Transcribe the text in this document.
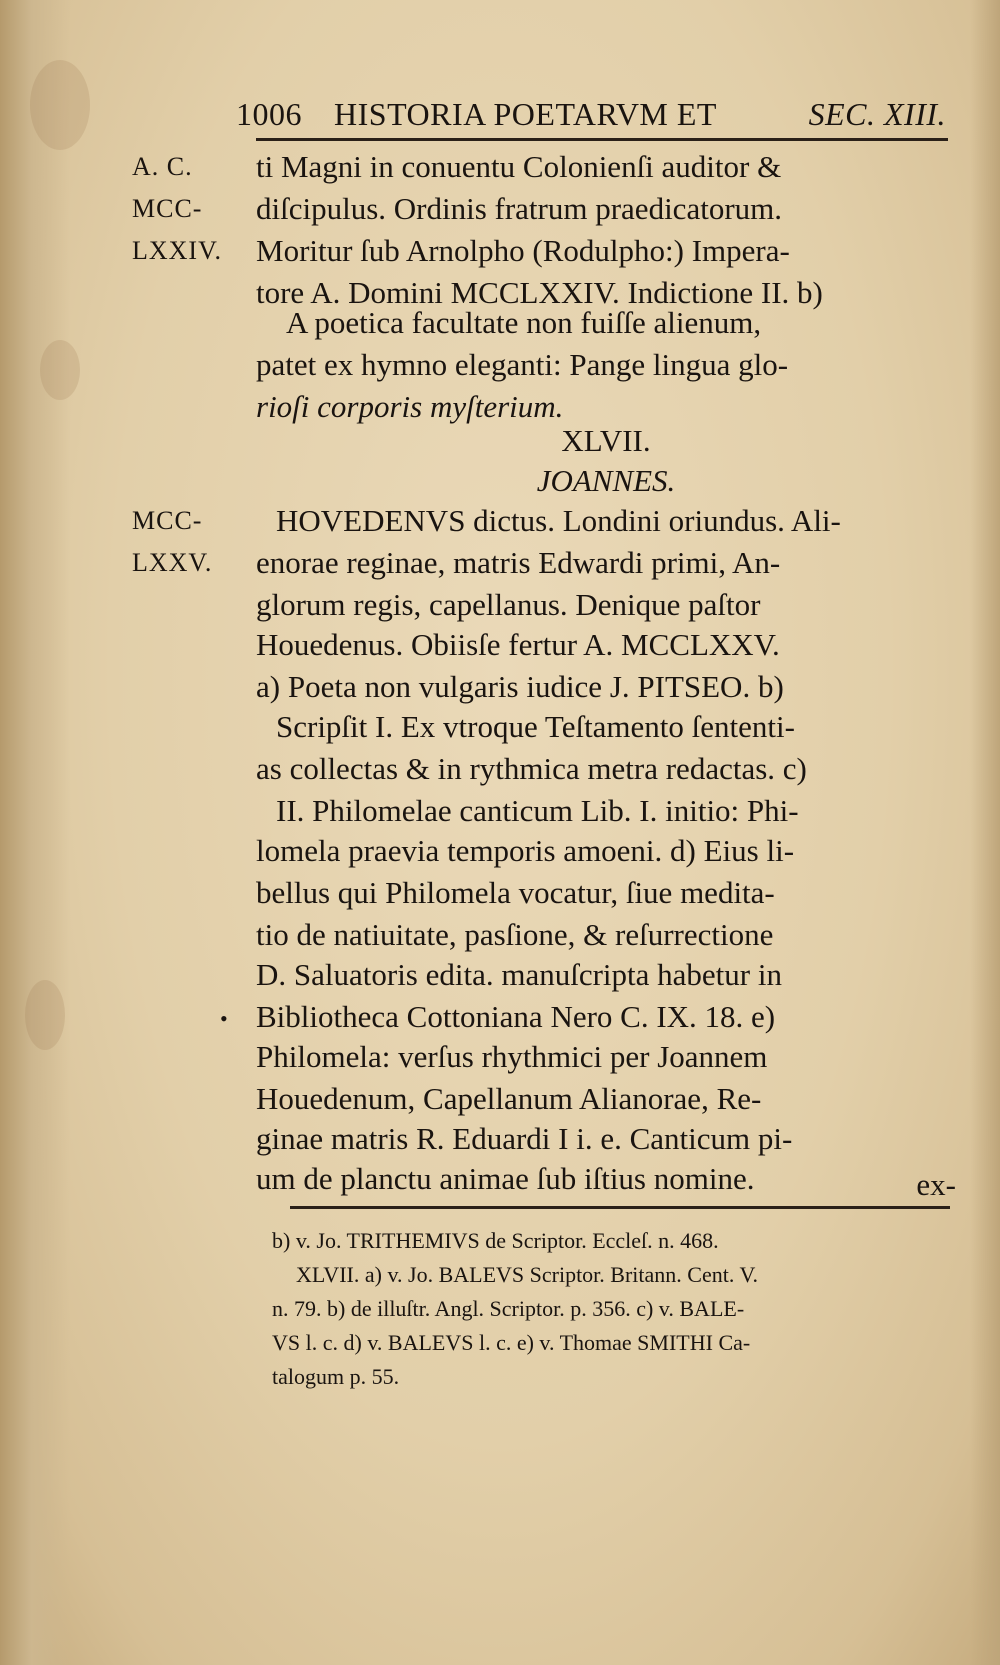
1006 HISTORIA POETARVM ET	SEC. XIII.
A. C.
MCC-
LXXIV.
MCC-
LXXV.
ti Magni in conuentu Colonienſi auditor &
diſcipulus. Ordinis fratrum praedicatorum.
Moritur ſub Arnolpho (Rodulpho:) Impera-
tore A. Domini MCCLXXIV. Indictione II. b)
A poetica facultate non fuiſſe alienum,
patet ex hymno eleganti: Pange lingua glo-
rioſi corporis myſterium.
XLVII.
JOANNES.
HOVEDENVS dictus. Londini oriundus. Ali-
enorae reginae, matris Edwardi primi, An-
glorum regis, capellanus. Denique paſtor
Houedenus. Obiisſe fertur A. MCCLXXV.
a) Poeta non vulgaris iudice J. PITSEO. b)
Scripſit I. Ex vtroque Teſtamento ſententi-
as collectas & in rythmica metra redactas. c)
II. Philomelae canticum Lib. I. initio: Phi-
lomela praevia temporis amoeni. d) Eius li-
bellus qui Philomela vocatur, ſiue medita-
tio de natiuitate, pasſione, & reſurrectione
D. Saluatoris edita. manuſcripta habetur in
Bibliotheca Cottoniana Nero C. IX. 18. e)
Philomela: verſus rhythmici per Joannem
Houedenum, Capellanum Alianorae, Re-
ginae matris R. Eduardi I i. e. Canticum pi-
um de planctu animae ſub iſtius nomine.	ex-
•
b) v. Jo. TRITHEMIVS de Scriptor. Eccleſ. n. 468.
XLVII. a) v. Jo. BALEVS Scriptor. Britann. Cent. V.
n. 79. b) de illuſtr. Angl. Scriptor. p. 356. c) v. BALE-
VS l. c. d) v. BALEVS l. c. e) v. Thomae SMITHI Ca-
talogum p. 55.
